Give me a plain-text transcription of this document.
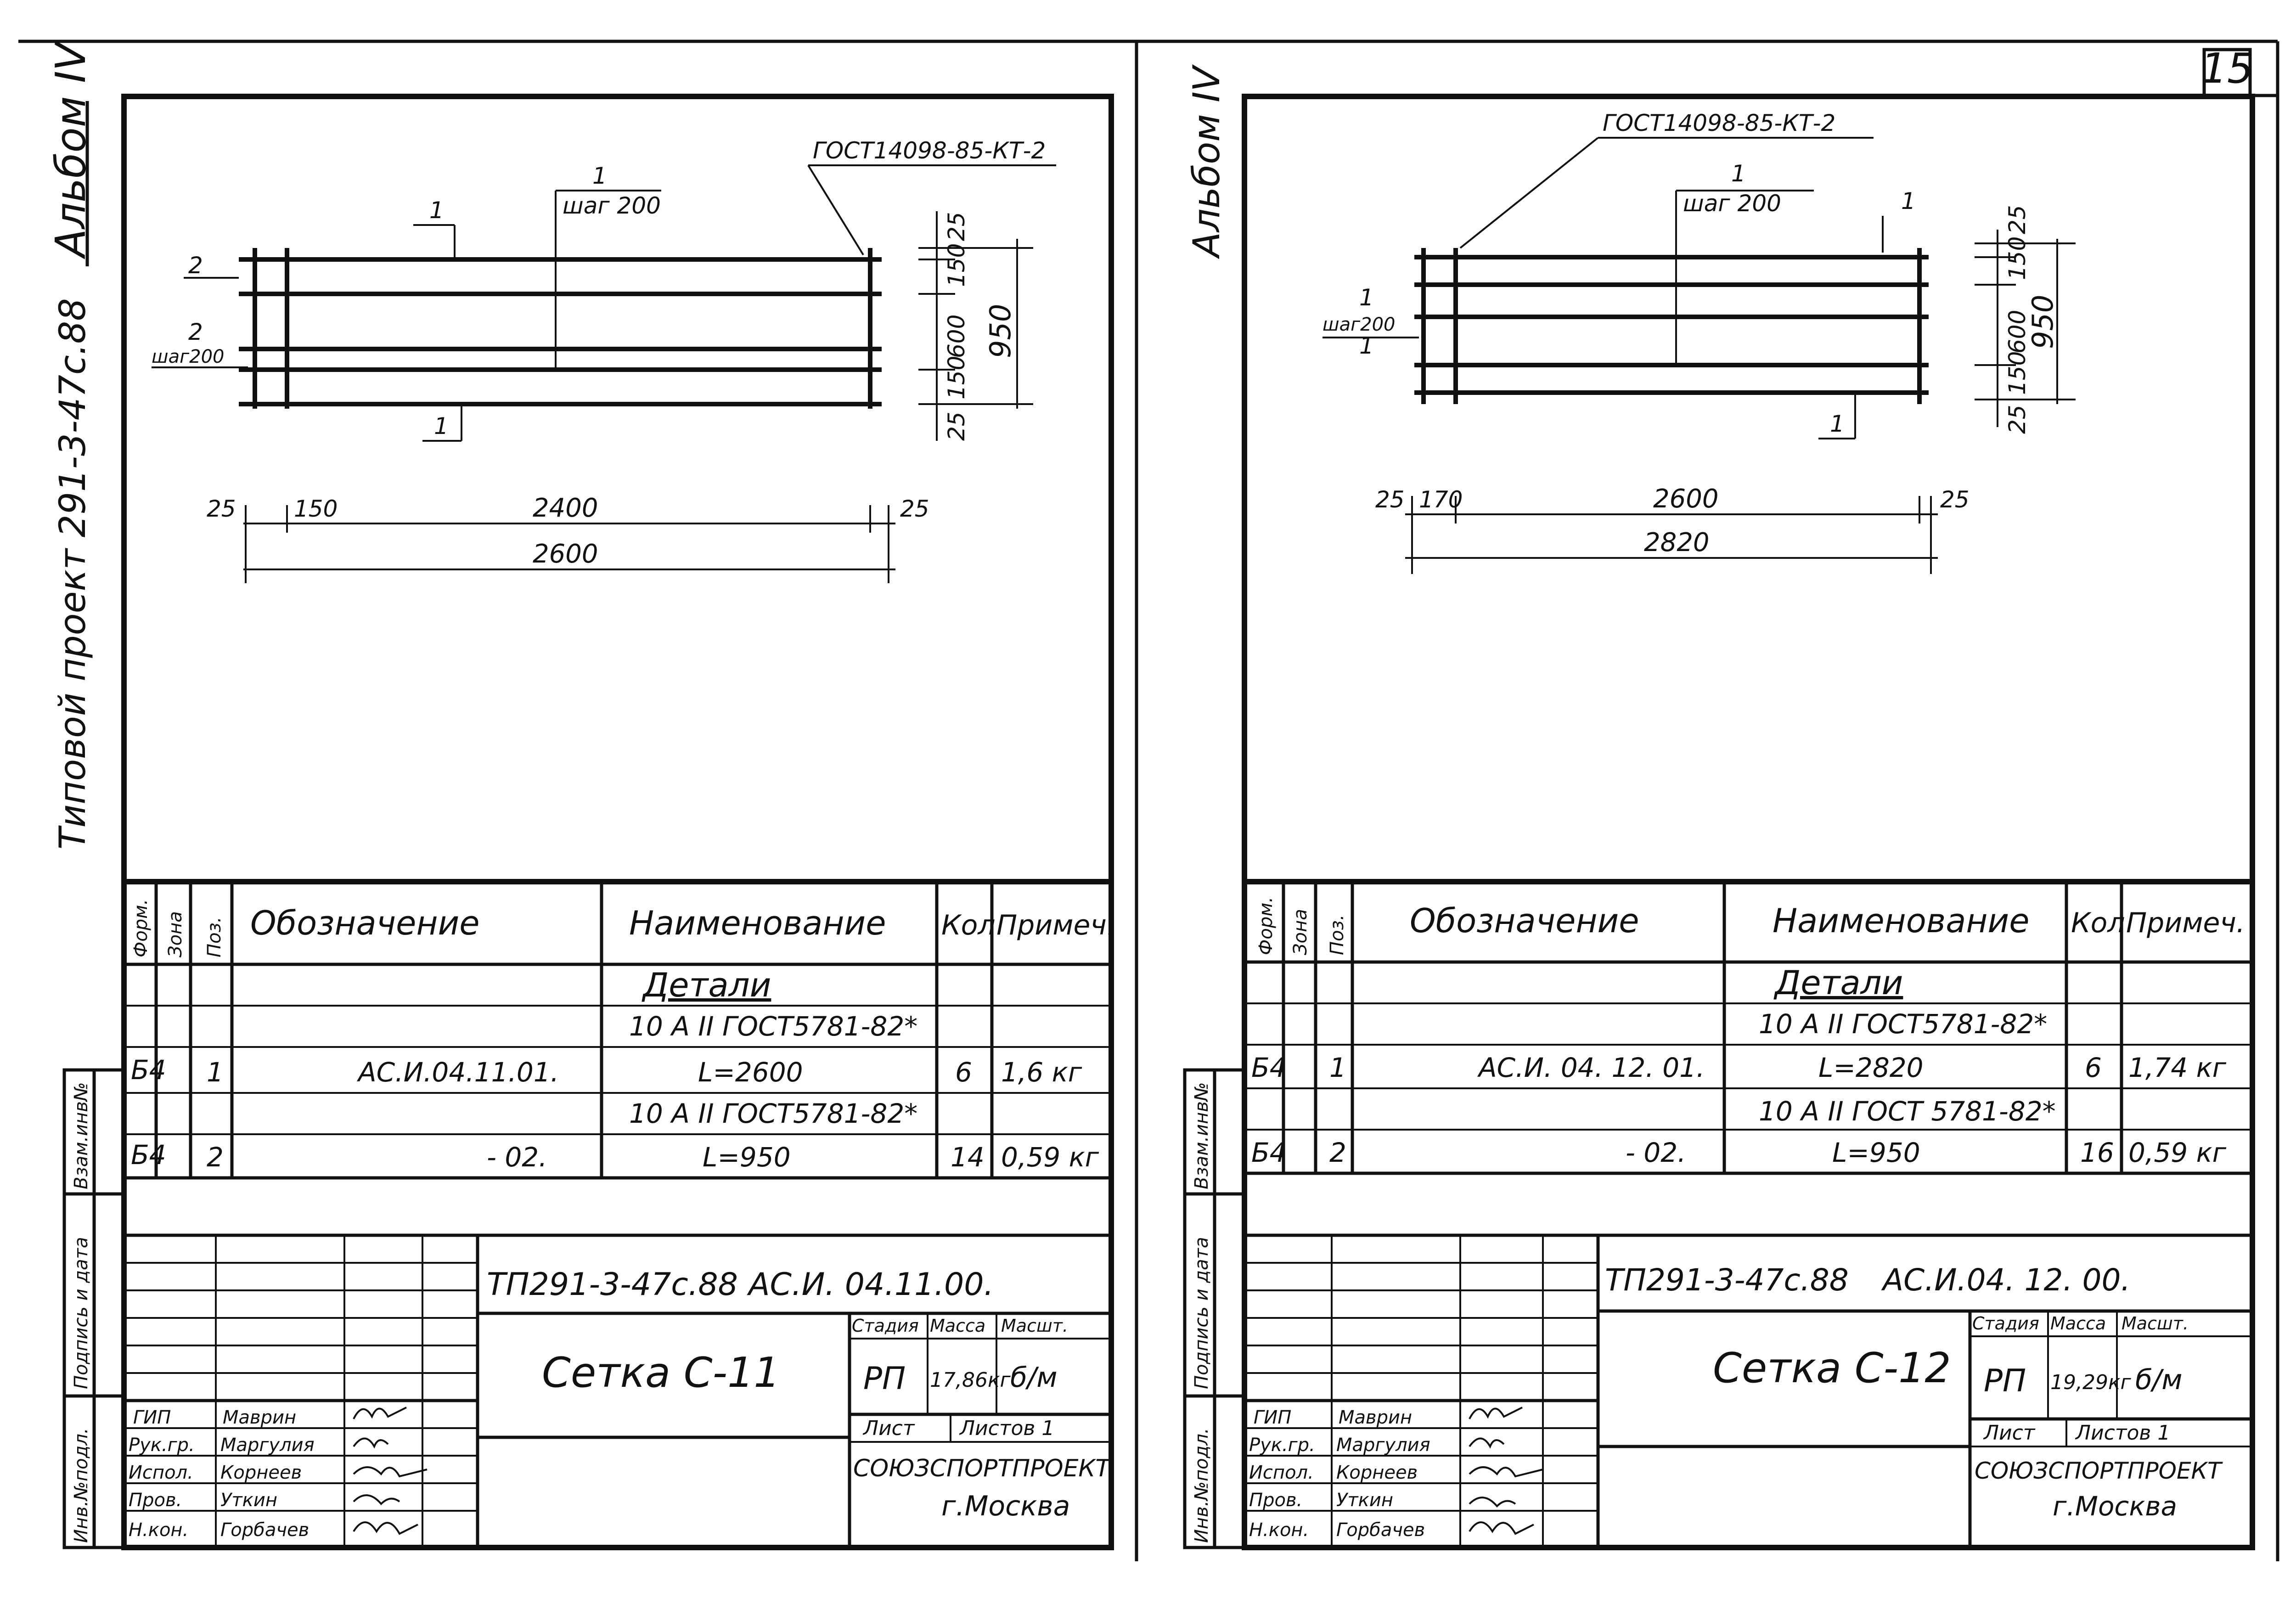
15
Альбом IV
Типовой проект 291-3-47с.88
Взам.инв№
Подпись и дата
Инв.№подл.
ГОСТ14098-85-КТ-2
1
шаг 200
1
1
2
2
шаг200
25
150
600
150
25
950
25	150	2400	25
2600
Форм. Зона Поз. Обозначение	Наименование Кол Примеч.
Детали
10 А II ГОСТ5781-82*
Б4 1	АС.И.04.11.01.	L=2600	6 1,6 кг
10 А II ГОСТ5781-82*
Б4 2	- 02.	L=950	14 0,59 кг
ГИП	Маврин
Рук.гр. Маргулия
Испол. Корнеев
Пров. Уткин
Н.кон. Горбачев
ТП291-3-47с.88 АС.И. 04.11.00.
Сетка С-11
Стадия Масса Масшт.
РП 17,86кг б/м
Лист Листов 1
СОЮЗСПОРТПРОЕКТ
г.Москва
Альбом IV
Взам.инв№
Подпись и дата
Инв.№подл.
ГОСТ14098-85-КТ-2
1
шаг 200	1
1
1
шаг200
1
25
150
600
150
25
950
25 170	2600	25
2820
Форм. Зона Поз. Обозначение	Наименование Кол Примеч.
Детали
10 А II ГОСТ5781-82*
Б4 1	АС.И. 04. 12. 01.	L=2820	6 1,74 кг
10 А II ГОСТ 5781-82*
Б4 2	- 02.	L=950	16 0,59 кг
ГИП	Маврин
Рук.гр. Маргулия
Испол. Корнеев
Пров. Уткин
Н.кон. Горбачев
ТП291-3-47с.88 АС.И.04. 12. 00.
Сетка С-12
Стадия Масса Масшт.
РП 19,29кг б/м
Лист Листов 1
СОЮЗСПОРТПРОЕКТ
г.Москва
